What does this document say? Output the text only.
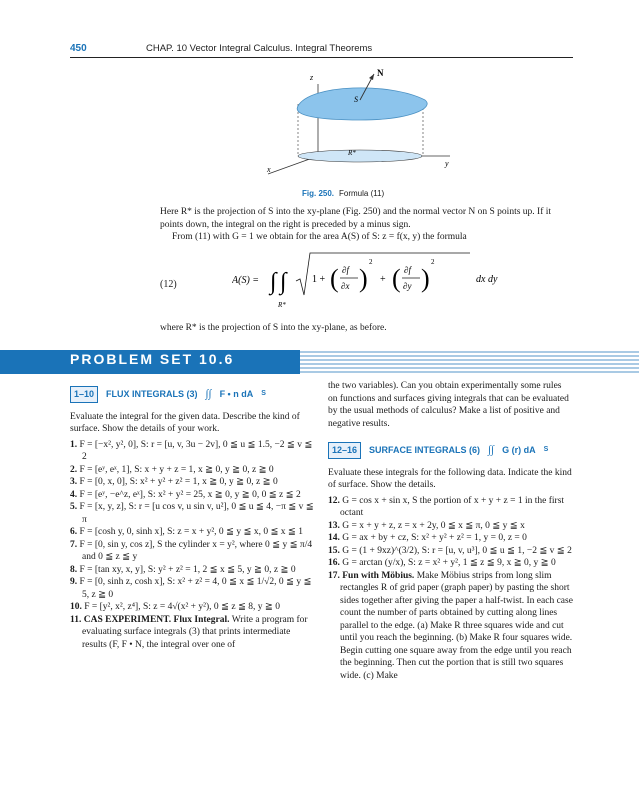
450	CHAP. 10 Vector Integral Calculus. Integral Theorems
z	N
S
R*
x
y
Fig. 250. Formula (11)
Here R* is the projection of S into the xy-plane (Fig. 250) and the normal vector N on S points up. If it points down, the integral on the right is preceded by a minus sign.
From (11) with G = 1 we obtain for the area A(S) of S: z = f(x, y) the formula
(12)	A(S) = ∫ ∫
R*
1 + ( ∂f
∂x )
2
+ ( ∂f
∂y )
2
dx dy
where R* is the projection of S into the xy-plane, as before.
PROBLEM SET 10.6
1–10	FLUX INTEGRALS (3) ∫∫ F • n dA S

Evaluate the integral for the given data. Describe the kind of surface. Show the details of your work.

1. F = [−x², y², 0], S: r = [u, v, 3u − 2v], 0 ≦ u ≦ 1.5, −2 ≦ v ≦ 2

2. F = [eʸ, eˣ, 1], S: x + y + z = 1, x ≧ 0, y ≧ 0, z ≧ 0

3. F = [0, x, 0], S: x² + y² + z² = 1, x ≧ 0, y ≧ 0, z ≧ 0

4. F = [eʸ, −e^z, eˣ], S: x² + y² = 25, x ≧ 0, y ≧ 0, 0 ≦ z ≦ 2

5. F = [x, y, z], S: r = [u cos v, u sin v, u²], 0 ≦ u ≦ 4, −π ≦ v ≦ π

6. F = [cosh y, 0, sinh x], S: z = x + y², 0 ≦ y ≦ x, 0 ≦ x ≦ 1

7. F = [0, sin y, cos z], S the cylinder x = y², where 0 ≦ y ≦ π/4 and 0 ≦ z ≦ y

8. F = [tan xy, x, y], S: y² + z² = 1, 2 ≦ x ≦ 5, y ≧ 0, z ≧ 0

9. F = [0, sinh z, cosh x], S: x² + z² = 4, 0 ≦ x ≦ 1/√2, 0 ≦ y ≦ 5, z ≧ 0

10. F = [y², x², z⁴], S: z = 4√(x² + y²), 0 ≦ z ≦ 8, y ≧ 0

11. CAS EXPERIMENT. Flux Integral. Write a program for evaluating surface integrals (3) that prints intermediate results (F, F • N, the integral over one of

the two variables). Can you obtain experimentally some rules on functions and surfaces giving integrals that can be evaluated by the usual methods of calculus? Make a list of positive and negative results.

12–16	SURFACE INTEGRALS (6) ∫∫ G (r) dA S

Evaluate these integrals for the following data. Indicate the kind of surface. Show the details.

12. G = cos x + sin x, S the portion of x + y + z = 1 in the first octant

13. G = x + y + z, z = x + 2y, 0 ≦ x ≦ π, 0 ≦ y ≦ x

14. G = ax + by + cz, S: x² + y² + z² = 1, y = 0, z = 0

15. G = (1 + 9xz)^(3/2), S: r = [u, v, u³], 0 ≦ u ≦ 1, −2 ≦ v ≦ 2

16. G = arctan (y/x), S: z = x² + y², 1 ≦ z ≦ 9, x ≧ 0, y ≧ 0

17. Fun with Möbius. Make Möbius strips from long slim rectangles R of grid paper (graph paper) by pasting the short sides together after giving the paper a half-twist. In each case count the number of parts obtained by cutting along lines parallel to the edge. (a) Make R three squares wide and cut until you reach the beginning. (b) Make R four squares wide. Begin cutting one square away from the edge until you reach the beginning. Then cut the portion that is still two squares wide. (c) Make
